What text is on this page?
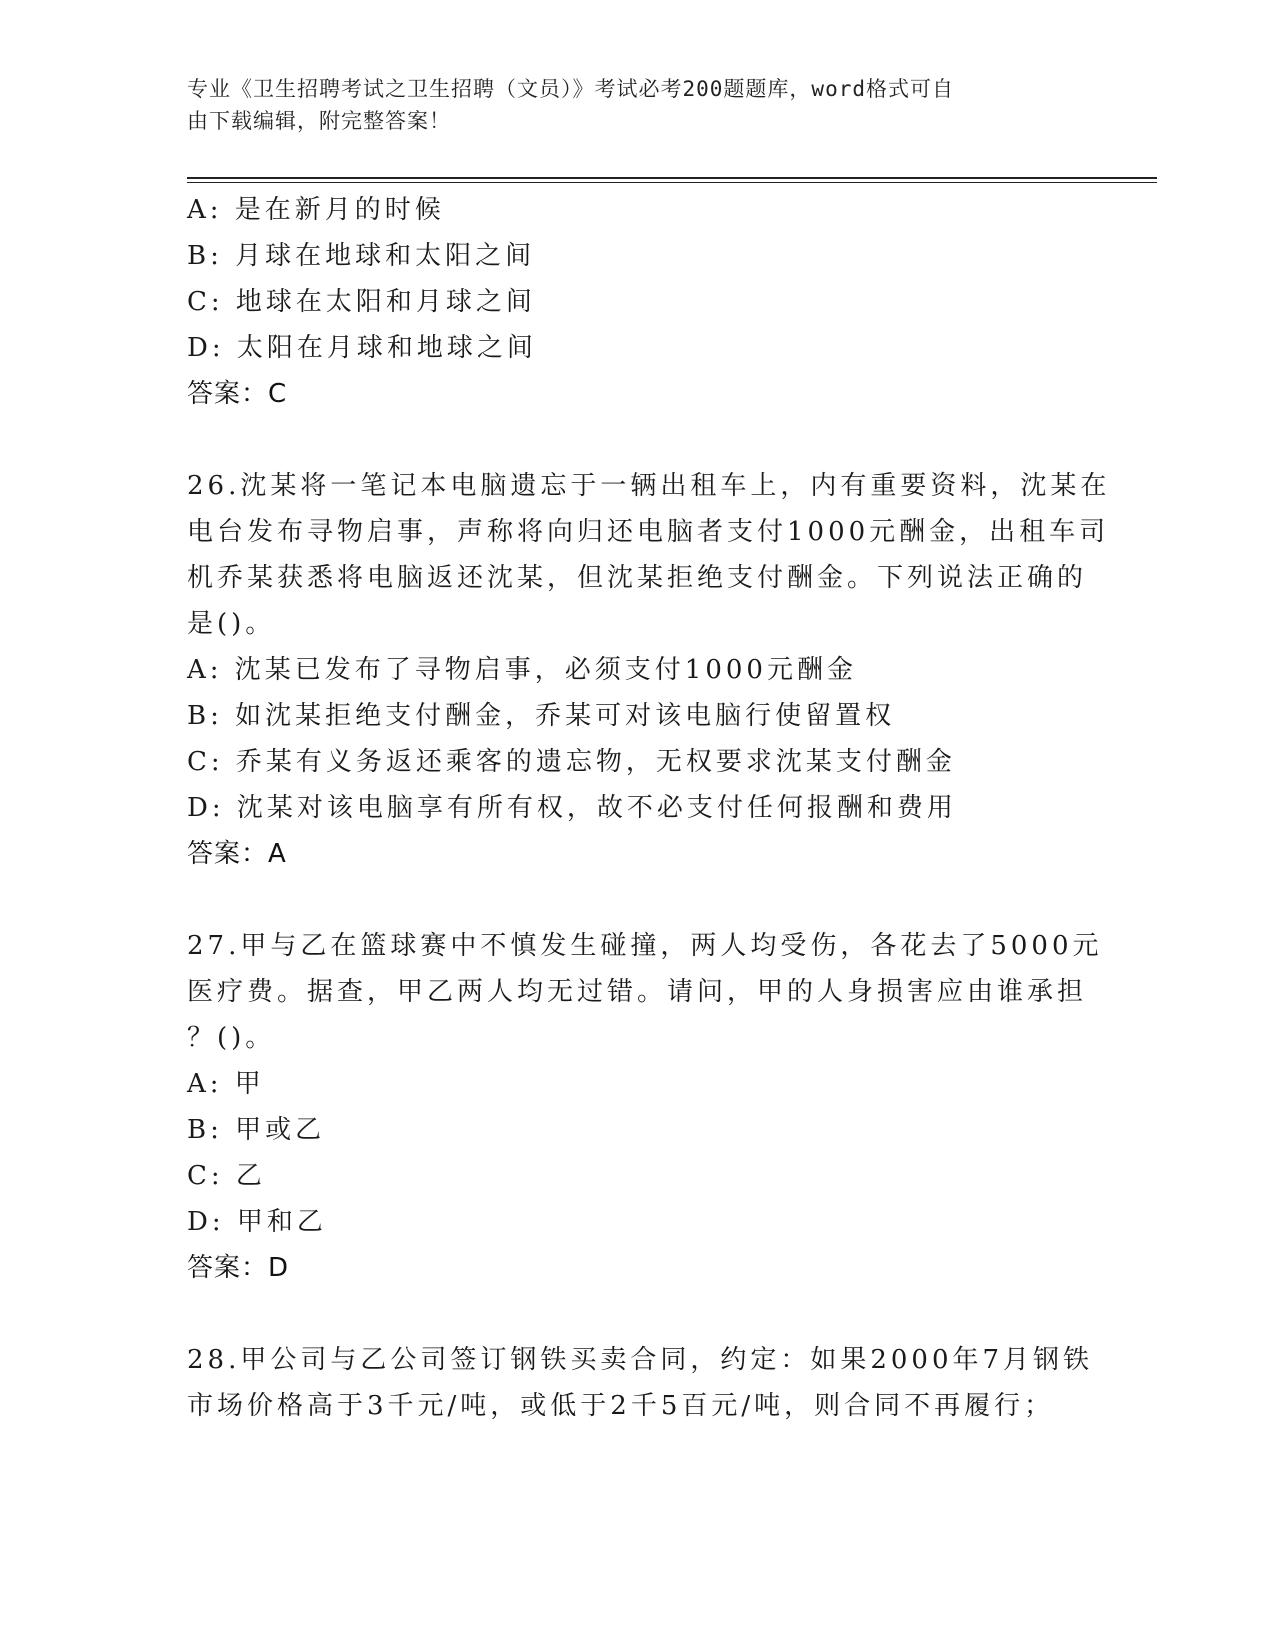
专业《卫生招聘考试之卫生招聘（文员）》考试必考200题题库，word格式可自
由下载编辑，附完整答案！
A: 是在新月的时候
B: 月球在地球和太阳之间
C: 地球在太阳和月球之间
D: 太阳在月球和地球之间
答案：C
26.沈某将一笔记本电脑遗忘于一辆出租车上，内有重要资料，沈某在
电台发布寻物启事，声称将向归还电脑者支付1000元酬金，出租车司
机乔某获悉将电脑返还沈某，但沈某拒绝支付酬金。下列说法正确的
是()。
A: 沈某已发布了寻物启事，必须支付1000元酬金
B: 如沈某拒绝支付酬金，乔某可对该电脑行使留置权
C: 乔某有义务返还乘客的遗忘物，无权要求沈某支付酬金
D: 沈某对该电脑享有所有权，故不必支付任何报酬和费用
答案：A
27.甲与乙在篮球赛中不慎发生碰撞，两人均受伤，各花去了5000元
医疗费。据查，甲乙两人均无过错。请问，甲的人身损害应由谁承担
？()。
A: 甲
B: 甲或乙
C: 乙
D: 甲和乙
答案：D
28.甲公司与乙公司签订钢铁买卖合同，约定：如果2000年7月钢铁
市场价格高于3千元/吨，或低于2千5百元/吨，则合同不再履行；
